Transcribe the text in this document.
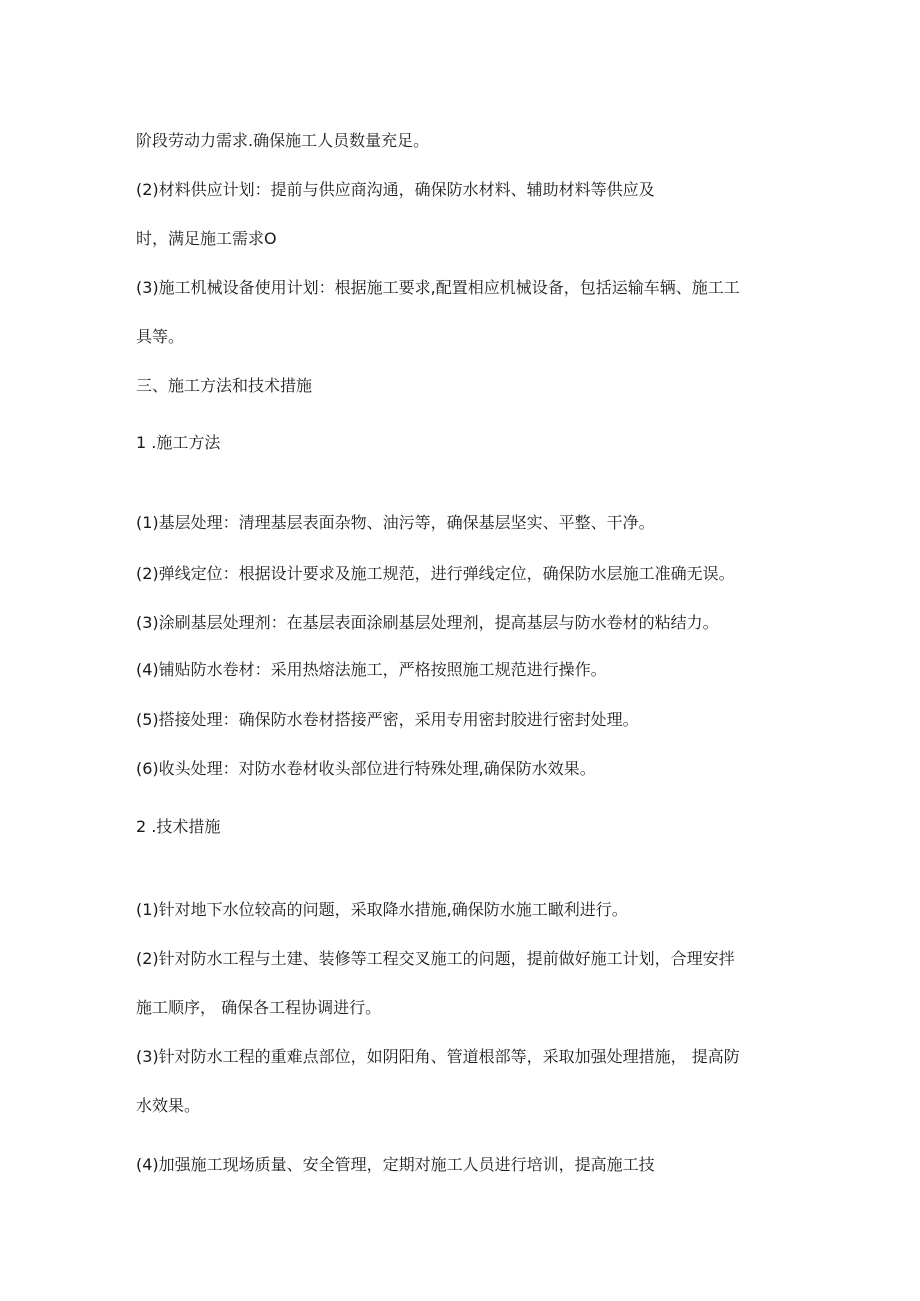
阶段劳动力需求.确保施工人员数量充足。
(2)材料供应计划：提前与供应商沟通，确保防水材料、辅助材料等供应及
时，满足施工需求O
(3)施工机械设备使用计划：根据施工要求,配置相应机械设备，包括运输车辆、施工工
具等。
三、施工方法和技术措施
1 .施工方法
(1)基层处理：清理基层表面杂物、油污等，确保基层坚实、平整、干净。
(2)弹线定位：根据设计要求及施工规范，进行弹线定位，确保防水层施工准确无误。
(3)涂刷基层处理剂：在基层表面涂刷基层处理剂，提高基层与防水卷材的粘结力。
(4)铺贴防水卷材：采用热熔法施工，严格按照施工规范进行操作。
(5)搭接处理：确保防水卷材搭接严密，采用专用密封胶进行密封处理。
(6)收头处理：对防水卷材收头部位进行特殊处理,确保防水效果。
2 .技术措施
(1)针对地下水位较高的问题，采取降水措施,确保防水施工瞰利进行。
(2)针对防水工程与土建、装修等工程交叉施工的问题，提前做好施工计划，合理安拌
施工顺序， 确保各工程协调进行。
(3)针对防水工程的重难点部位，如阴阳角、管道根部等，采取加强处理措施， 提高防
水效果。
(4)加强施工现场质量、安全管理，定期对施工人员进行培训，提高施工技
